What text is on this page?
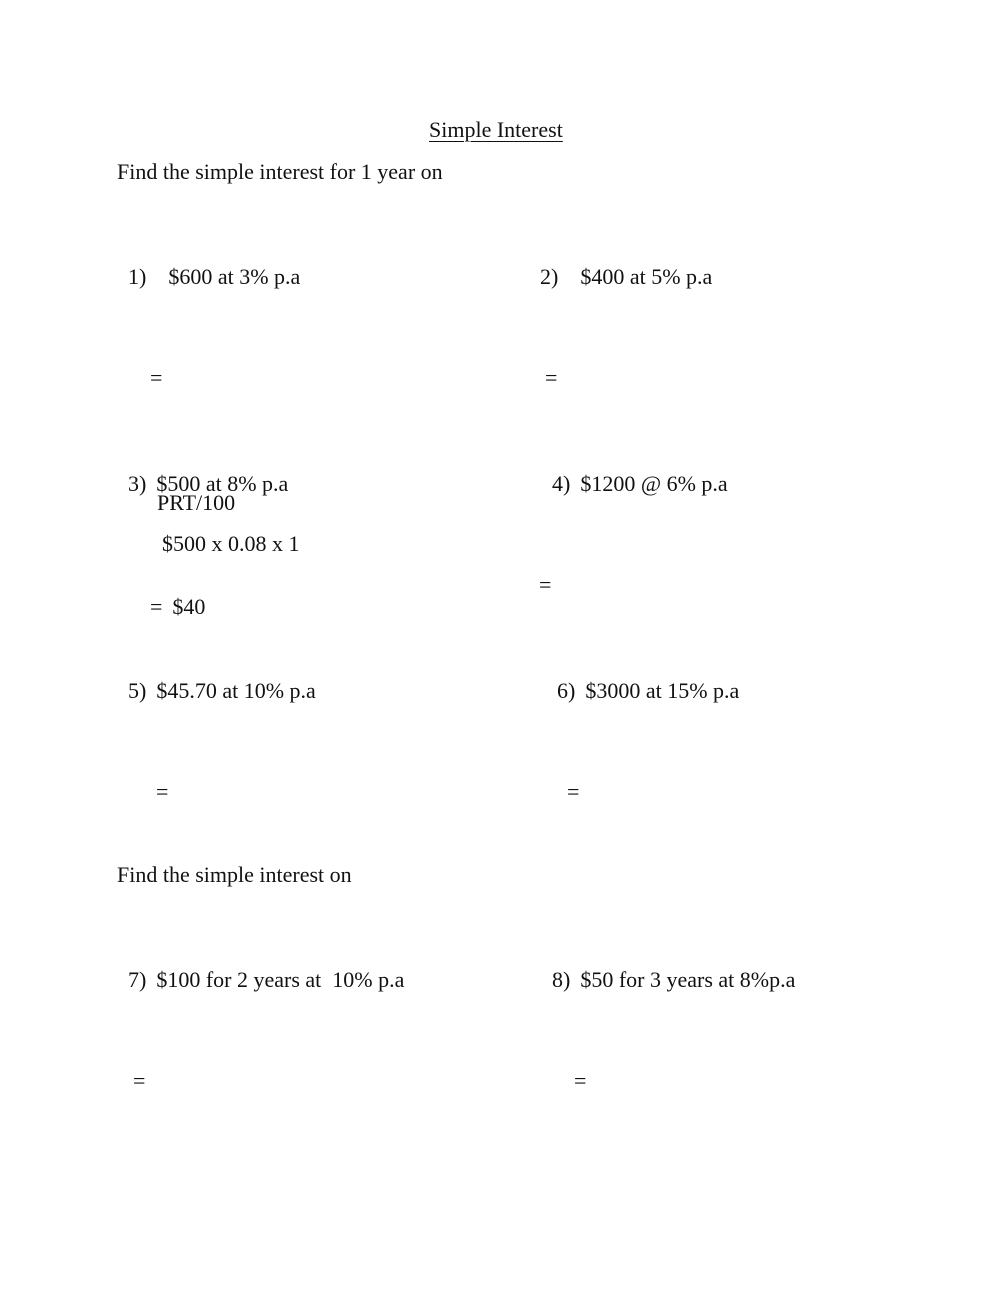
Simple Interest
Find the simple interest for 1 year on

1) $600 at 3% p.a

=

2) $400 at 5% p.a

=

3) $500 at 8% p.a

PRT/100
$500 x 0.08 x 1

= $40

4) $1200 @ 6% p.a

=

5) $45.70 at 10% p.a

=

6) $3000 at 15% p.a

=
Find the simple interest on

7) $100 for 2 years at  10% p.a

=

8) $50 for 3 years at 8%p.a

=
